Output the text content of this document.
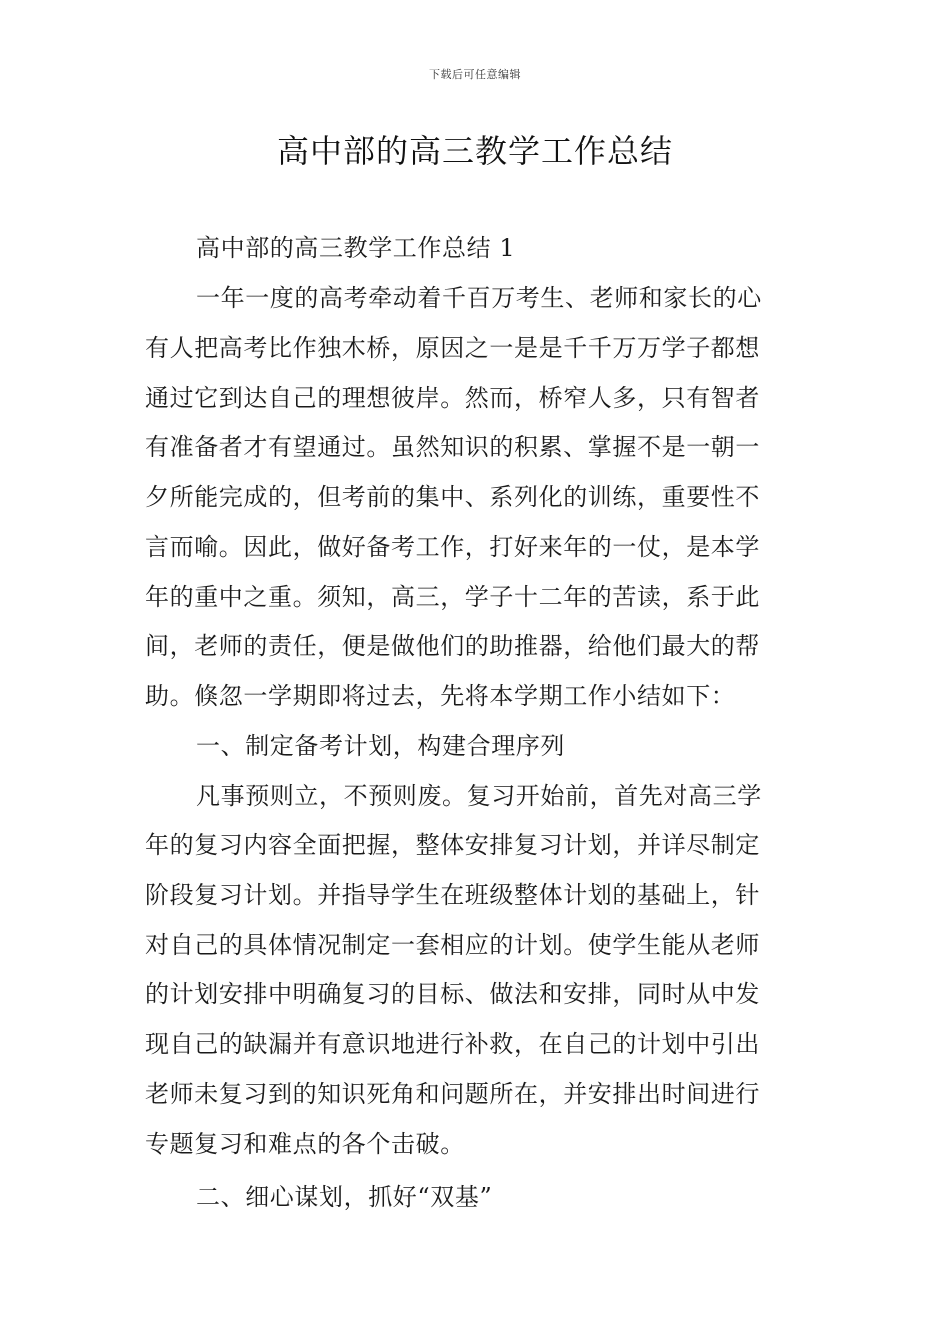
下载后可任意编辑
高中部的高三教学工作总结

高中部的高三教学工作总结 1

一年一度的高考牵动着千百万考生、老师和家长的心

有人把高考比作独木桥，原因之一是是千千万万学子都想

通过它到达自己的理想彼岸。然而，桥窄人多，只有智者

有准备者才有望通过。虽然知识的积累、掌握不是一朝一

夕所能完成的，但考前的集中、系列化的训练，重要性不

言而喻。因此，做好备考工作，打好来年的一仗，是本学

年的重中之重。须知，高三，学子十二年的苦读，系于此

间，老师的责任，便是做他们的助推器，给他们最大的帮

助。倏忽一学期即将过去，先将本学期工作小结如下：

一、制定备考计划，构建合理序列

凡事预则立，不预则废。复习开始前，首先对高三学

年的复习内容全面把握，整体安排复习计划，并详尽制定

阶段复习计划。并指导学生在班级整体计划的基础上，针

对自己的具体情况制定一套相应的计划。使学生能从老师

的计划安排中明确复习的目标、做法和安排，同时从中发

现自己的缺漏并有意识地进行补救，在自己的计划中引出

老师未复习到的知识死角和问题所在，并安排出时间进行

专题复习和难点的各个击破。

二、细心谋划，抓好“双基”
